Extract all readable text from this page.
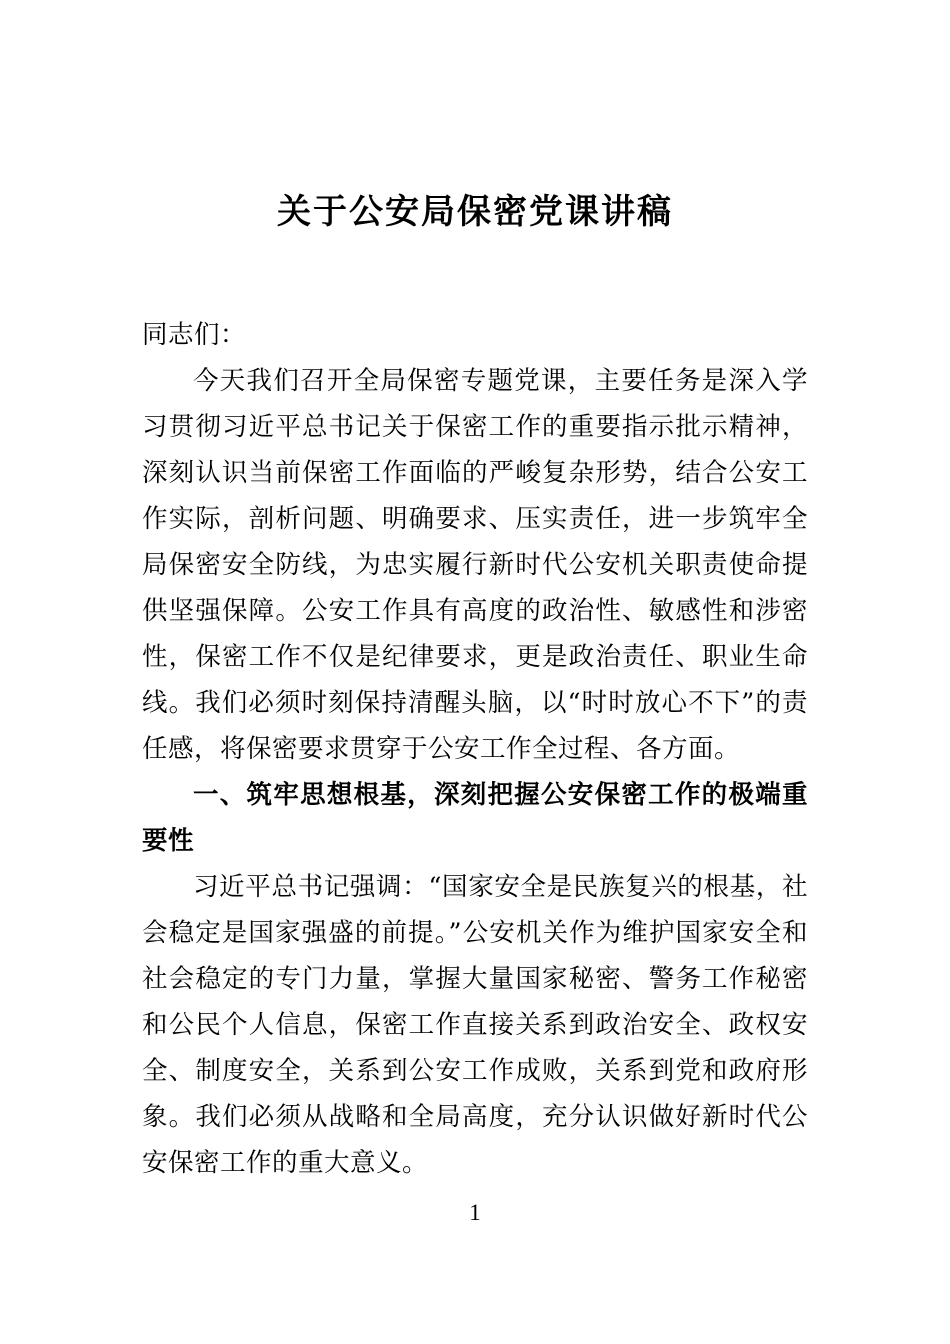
关于公安局保密党课讲稿

同志们：

今天我们召开全局保密专题党课，主要任务是深入学习贯彻习近平总书记关于保密工作的重要指示批示精神，深刻认识当前保密工作面临的严峻复杂形势，结合公安工作实际，剖析问题、明确要求、压实责任，进一步筑牢全局保密安全防线，为忠实履行新时代公安机关职责使命提供坚强保障。公安工作具有高度的政治性、敏感性和涉密性，保密工作不仅是纪律要求，更是政治责任、职业生命线。我们必须时刻保持清醒头脑，以“时时放心不下”的责任感，将保密要求贯穿于公安工作全过程、各方面。

一、筑牢思想根基，深刻把握公安保密工作的极端重要性

习近平总书记强调：“国家安全是民族复兴的根基，社会稳定是国家强盛的前提。”公安机关作为维护国家安全和社会稳定的专门力量，掌握大量国家秘密、警务工作秘密和公民个人信息，保密工作直接关系到政治安全、政权安全、制度安全，关系到公安工作成败，关系到党和政府形象。我们必须从战略和全局高度，充分认识做好新时代公安保密工作的重大意义。

1
